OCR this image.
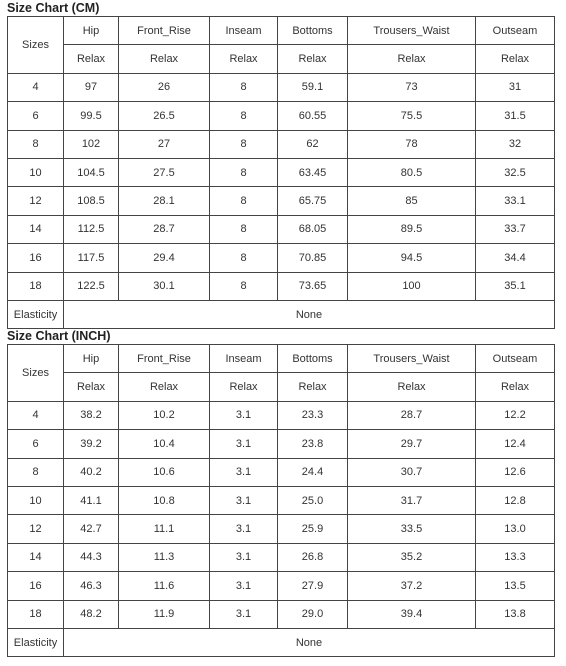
Size Chart (CM)
Sizes	Hip	Front_Rise	Inseam	Bottoms	Trousers_Waist	Outseam
	Relax	Relax	Relax	Relax	Relax	Relax
4	97	26	8	59.1	73	31
6	99.5	26.5	8	60.55	75.5	31.5
8	102	27	8	62	78	32
10	104.5	27.5	8	63.45	80.5	32.5
12	108.5	28.1	8	65.75	85	33.1
14	112.5	28.7	8	68.05	89.5	33.7
16	117.5	29.4	8	70.85	94.5	34.4
18	122.5	30.1	8	73.65	100	35.1
Elasticity	None					
Size Chart (INCH)
Sizes	Hip	Front_Rise	Inseam	Bottoms	Trousers_Waist	Outseam
	Relax	Relax	Relax	Relax	Relax	Relax
4	38.2	10.2	3.1	23.3	28.7	12.2
6	39.2	10.4	3.1	23.8	29.7	12.4
8	40.2	10.6	3.1	24.4	30.7	12.6
10	41.1	10.8	3.1	25.0	31.7	12.8
12	42.7	11.1	3.1	25.9	33.5	13.0
14	44.3	11.3	3.1	26.8	35.2	13.3
16	46.3	11.6	3.1	27.9	37.2	13.5
18	48.2	11.9	3.1	29.0	39.4	13.8
Elasticity	None					
